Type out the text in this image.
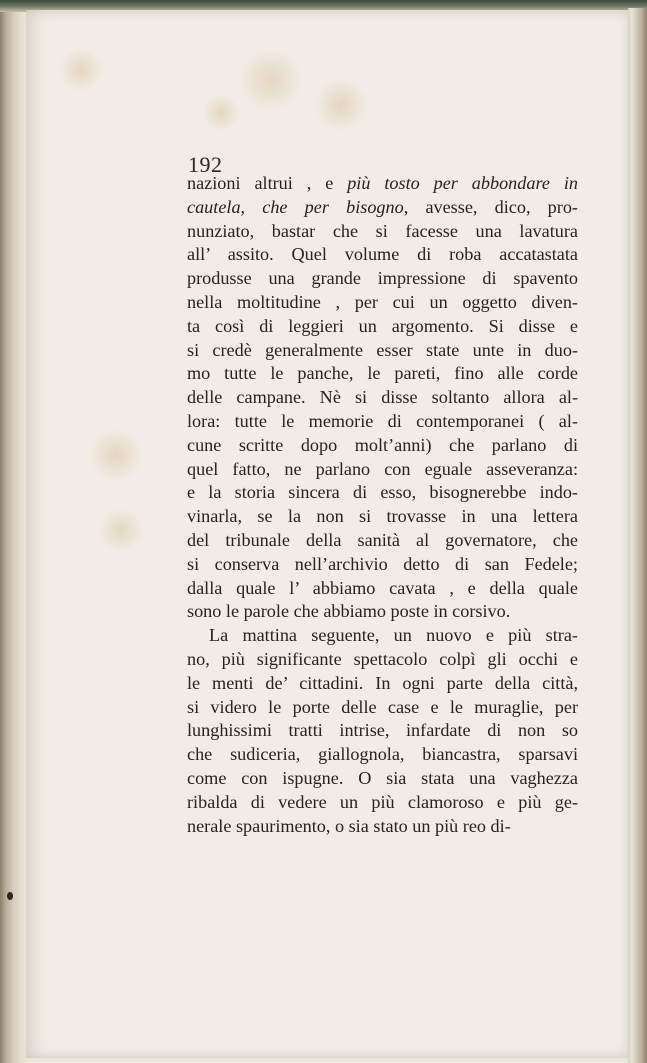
192
nazioni altrui , e più tosto per abbondare in
cautela, che per bisogno, avesse, dico, pro-
nunziato, bastar che si facesse una lavatura
all’ assito. Quel volume di roba accatastata
produsse una grande impressione di spavento
nella moltitudine , per cui un oggetto diven-
ta così di leggieri un argomento. Si disse e
si credè generalmente esser state unte in duo-
mo tutte le panche, le pareti, fino alle corde
delle campane. Nè si disse soltanto allora al-
lora: tutte le memorie di contemporanei ( al-
cune scritte dopo molt’anni) che parlano di
quel fatto, ne parlano con eguale asseveranza:
e la storia sincera di esso, bisognerebbe indo-
vinarla, se la non si trovasse in una lettera
del tribunale della sanità al governatore, che
si conserva nell’archivio detto di san Fedele;
dalla quale l’ abbiamo cavata , e della quale
sono le parole che abbiamo poste in corsivo.
La mattina seguente, un nuovo e più stra-
no, più significante spettacolo colpì gli occhi e
le menti de’ cittadini. In ogni parte della città,
si videro le porte delle case e le muraglie, per
lunghissimi tratti intrise, infardate di non so
che sudiceria, giallognola, biancastra, sparsavi
come con ispugne. O sia stata una vaghezza
ribalda di vedere un più clamoroso e più ge-
nerale spaurimento, o sia stato un più reo di-
